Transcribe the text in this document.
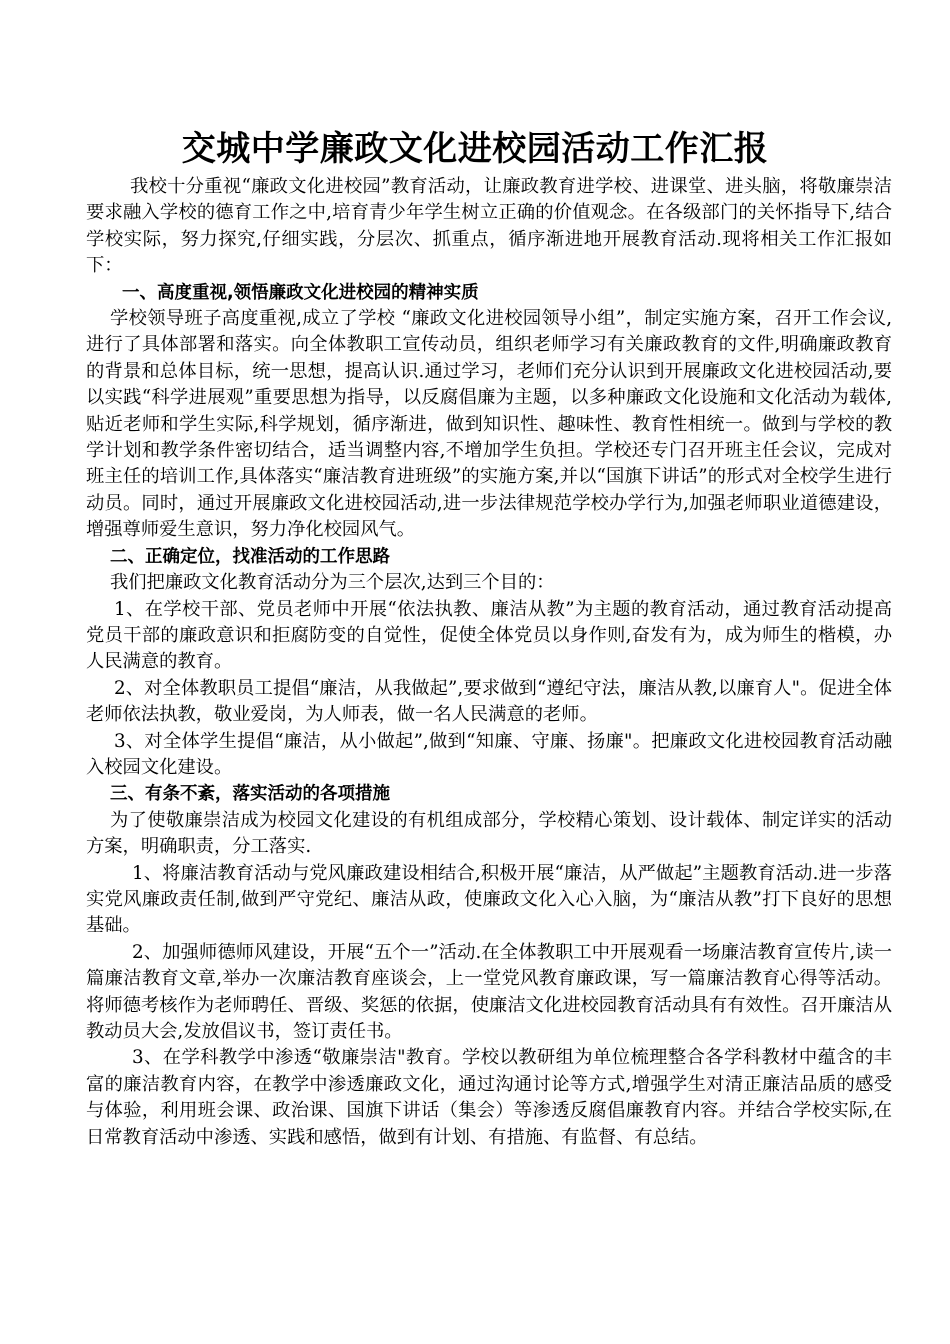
交城中学廉政文化进校园活动工作汇报

我校十分重视“廉政文化进校园”教育活动，让廉政教育进学校、进课堂、进头脑，将敬廉崇洁要求融入学校的德育工作之中,培育青少年学生树立正确的价值观念。在各级部门的关怀指导下,结合学校实际，努力探究,仔细实践，分层次、抓重点，循序渐进地开展教育活动.现将相关工作汇报如下：

一、高度重视,领悟廉政文化进校园的精神实质

学校领导班子高度重视,成立了学校 “廉政文化进校园领导小组”，制定实施方案，召开工作会议,进行了具体部署和落实。向全体教职工宣传动员，组织老师学习有关廉政教育的文件,明确廉政教育的背景和总体目标，统一思想，提高认识.通过学习，老师们充分认识到开展廉政文化进校园活动,要以实践“科学进展观”重要思想为指导，以反腐倡廉为主题，以多种廉政文化设施和文化活动为载体,贴近老师和学生实际,科学规划，循序渐进，做到知识性、趣味性、教育性相统一。做到与学校的教学计划和教学条件密切结合，适当调整内容,不增加学生负担。学校还专门召开班主任会议，完成对班主任的培训工作,具体落实“廉洁教育进班级”的实施方案,并以“国旗下讲话”的形式对全校学生进行动员。同时，通过开展廉政文化进校园活动,进一步法律规范学校办学行为,加强老师职业道德建设，增强尊师爱生意识，努力净化校园风气。

二、正确定位，找准活动的工作思路

我们把廉政文化教育活动分为三个层次,达到三个目的：

1、在学校干部、党员老师中开展“依法执教、廉洁从教”为主题的教育活动，通过教育活动提高党员干部的廉政意识和拒腐防变的自觉性，促使全体党员以身作则,奋发有为，成为师生的楷模，办人民满意的教育。

2、对全体教职员工提倡“廉洁，从我做起”,要求做到“遵纪守法，廉洁从教,以廉育人"。促进全体老师依法执教，敬业爱岗，为人师表，做一名人民满意的老师。

3、对全体学生提倡“廉洁，从小做起”,做到“知廉、守廉、扬廉"。把廉政文化进校园教育活动融入校园文化建设。

三、有条不紊，落实活动的各项措施

为了使敬廉崇洁成为校园文化建设的有机组成部分，学校精心策划、设计载体、制定详实的活动方案，明确职责，分工落实.

1、将廉洁教育活动与党风廉政建设相结合,积极开展“廉洁，从严做起”主题教育活动.进一步落实党风廉政责任制,做到严守党纪、廉洁从政，使廉政文化入心入脑，为“廉洁从教”打下良好的思想基础。

2、加强师德师风建设，开展“五个一”活动.在全体教职工中开展观看一场廉洁教育宣传片,读一篇廉洁教育文章,举办一次廉洁教育座谈会，上一堂党风教育廉政课，写一篇廉洁教育心得等活动。将师德考核作为老师聘任、晋级、奖惩的依据，使廉洁文化进校园教育活动具有有效性。召开廉洁从教动员大会,发放倡议书，签订责任书。

3、在学科教学中渗透“敬廉崇洁"教育。学校以教研组为单位梳理整合各学科教材中蕴含的丰富的廉洁教育内容，在教学中渗透廉政文化，通过沟通讨论等方式,增强学生对清正廉洁品质的感受与体验，利用班会课、政治课、国旗下讲话（集会）等渗透反腐倡廉教育内容。并结合学校实际,在日常教育活动中渗透、实践和感悟，做到有计划、有措施、有监督、有总结。
